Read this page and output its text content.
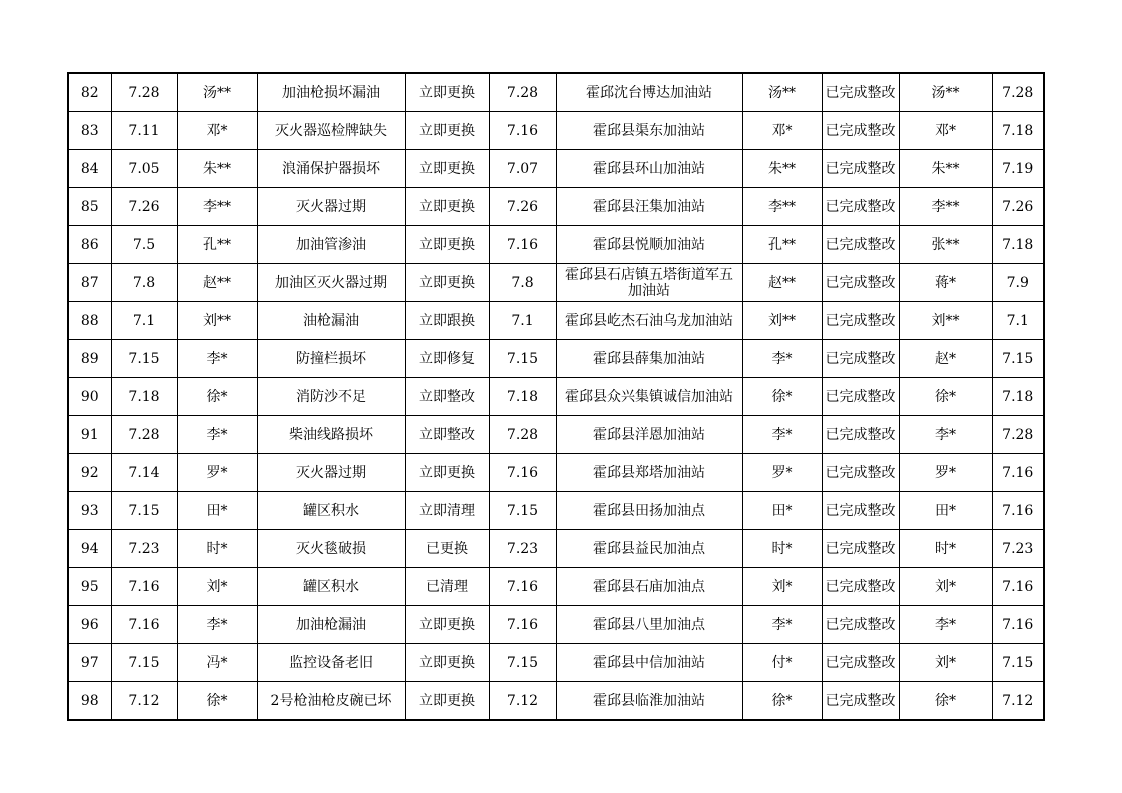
82	7.28	汤**	加油枪损坏漏油	立即更换	7.28	霍邱沈台博达加油站	汤**	已完成整改	汤**	7.28
83	7.11	邓*	灭火器巡检牌缺失	立即更换	7.16	霍邱县渠东加油站	邓*	已完成整改	邓*	7.18
84	7.05	朱**	浪涌保护器损坏	立即更换	7.07	霍邱县环山加油站	朱**	已完成整改	朱**	7.19
85	7.26	李**	灭火器过期	立即更换	7.26	霍邱县汪集加油站	李**	已完成整改	李**	7.26
86	7.5	孔**	加油管渗油	立即更换	7.16	霍邱县悦顺加油站	孔**	已完成整改	张**	7.18
87	7.8	赵**	加油区灭火器过期	立即更换	7.8	霍邱县石店镇五塔街道军五加油站	赵**	已完成整改	蒋*	7.9
88	7.1	刘**	油枪漏油	立即跟换	7.1	霍邱县屹杰石油乌龙加油站	刘**	已完成整改	刘**	7.1
89	7.15	李*	防撞栏损坏	立即修复	7.15	霍邱县薛集加油站	李*	已完成整改	赵*	7.15
90	7.18	徐*	消防沙不足	立即整改	7.18	霍邱县众兴集镇诚信加油站	徐*	已完成整改	徐*	7.18
91	7.28	李*	柴油线路损坏	立即整改	7.28	霍邱县洋恩加油站	李*	已完成整改	李*	7.28
92	7.14	罗*	灭火器过期	立即更换	7.16	霍邱县郑塔加油站	罗*	已完成整改	罗*	7.16
93	7.15	田*	罐区积水	立即清理	7.15	霍邱县田扬加油点	田*	已完成整改	田*	7.16
94	7.23	时*	灭火毯破损	已更换	7.23	霍邱县益民加油点	时*	已完成整改	时*	7.23
95	7.16	刘*	罐区积水	已清理	7.16	霍邱县石庙加油点	刘*	已完成整改	刘*	7.16
96	7.16	李*	加油枪漏油	立即更换	7.16	霍邱县八里加油点	李*	已完成整改	李*	7.16
97	7.15	冯*	监控设备老旧	立即更换	7.15	霍邱县中信加油站	付*	已完成整改	刘*	7.15
98	7.12	徐*	2号枪油枪皮碗已坏	立即更换	7.12	霍邱县临淮加油站	徐*	已完成整改	徐*	7.12
